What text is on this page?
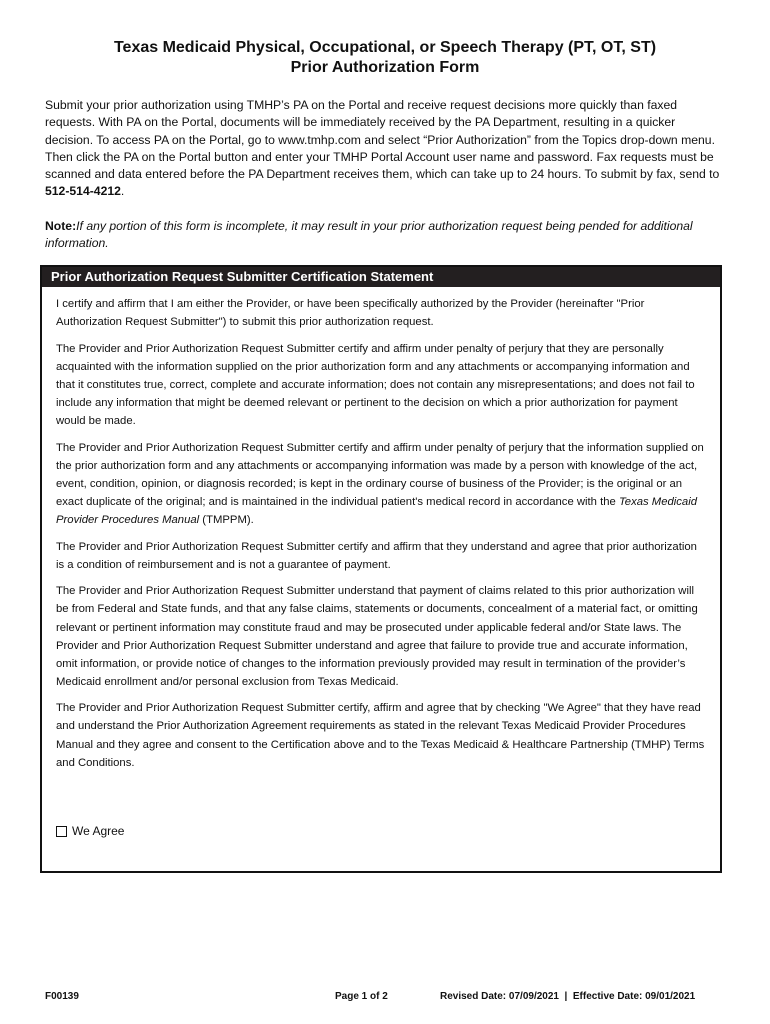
Texas Medicaid Physical, Occupational, or Speech Therapy (PT, OT, ST)
Prior Authorization Form
Submit your prior authorization using TMHP’s PA on the Portal and receive request decisions more quickly than faxed requests. With PA on the Portal, documents will be immediately received by the PA Department, resulting in a quicker decision. To access PA on the Portal, go to www.tmhp.com and select “Prior Authorization” from the Topics drop-down menu. Then click the PA on the Portal button and enter your TMHP Portal Account user name and password. Fax requests must be scanned and data entered before the PA Department receives them, which can take up to 24 hours. To submit by fax, send to 512-514-4212.
Note:If any portion of this form is incomplete, it may result in your prior authorization request being pended for additional information.
Prior Authorization Request Submitter Certification Statement

I certify and affirm that I am either the Provider, or have been specifically authorized by the Provider (hereinafter "Prior Authorization Request Submitter") to submit this prior authorization request.

The Provider and Prior Authorization Request Submitter certify and affirm under penalty of perjury that they are personally acquainted with the information supplied on the prior authorization form and any attachments or accompanying information and that it constitutes true, correct, complete and accurate information; does not contain any misrepresentations; and does not fail to include any information that might be deemed relevant or pertinent to the decision on which a prior authorization for payment would be made.

The Provider and Prior Authorization Request Submitter certify and affirm under penalty of perjury that the information supplied on the prior authorization form and any attachments or accompanying information was made by a person with knowledge of the act, event, condition, opinion, or diagnosis recorded; is kept in the ordinary course of business of the Provider; is the original or an exact duplicate of the original; and is maintained in the individual patient's medical record in accordance with the Texas Medicaid Provider Procedures Manual (TMPPM).

The Provider and Prior Authorization Request Submitter certify and affirm that they understand and agree that prior authorization is a condition of reimbursement and is not a guarantee of payment.

The Provider and Prior Authorization Request Submitter understand that payment of claims related to this prior authorization will be from Federal and State funds, and that any false claims, statements or documents, concealment of a material fact, or omitting relevant or pertinent information may constitute fraud and may be prosecuted under applicable federal and/or State laws. The Provider and Prior Authorization Request Submitter understand and agree that failure to provide true and accurate information, omit information, or provide notice of changes to the information previously provided may result in termination of the provider’s Medicaid enrollment and/or personal exclusion from Texas Medicaid.

The Provider and Prior Authorization Request Submitter certify, affirm and agree that by checking "We Agree" that they have read and understand the Prior Authorization Agreement requirements as stated in the relevant Texas Medicaid Provider Procedures Manual and they agree and consent to the Certification above and to the Texas Medicaid & Healthcare Partnership (TMHP) Terms and Conditions.

We Agree
F00139	Page 1 of 2	Revised Date: 07/09/2021  |  Effective Date: 09/01/2021
